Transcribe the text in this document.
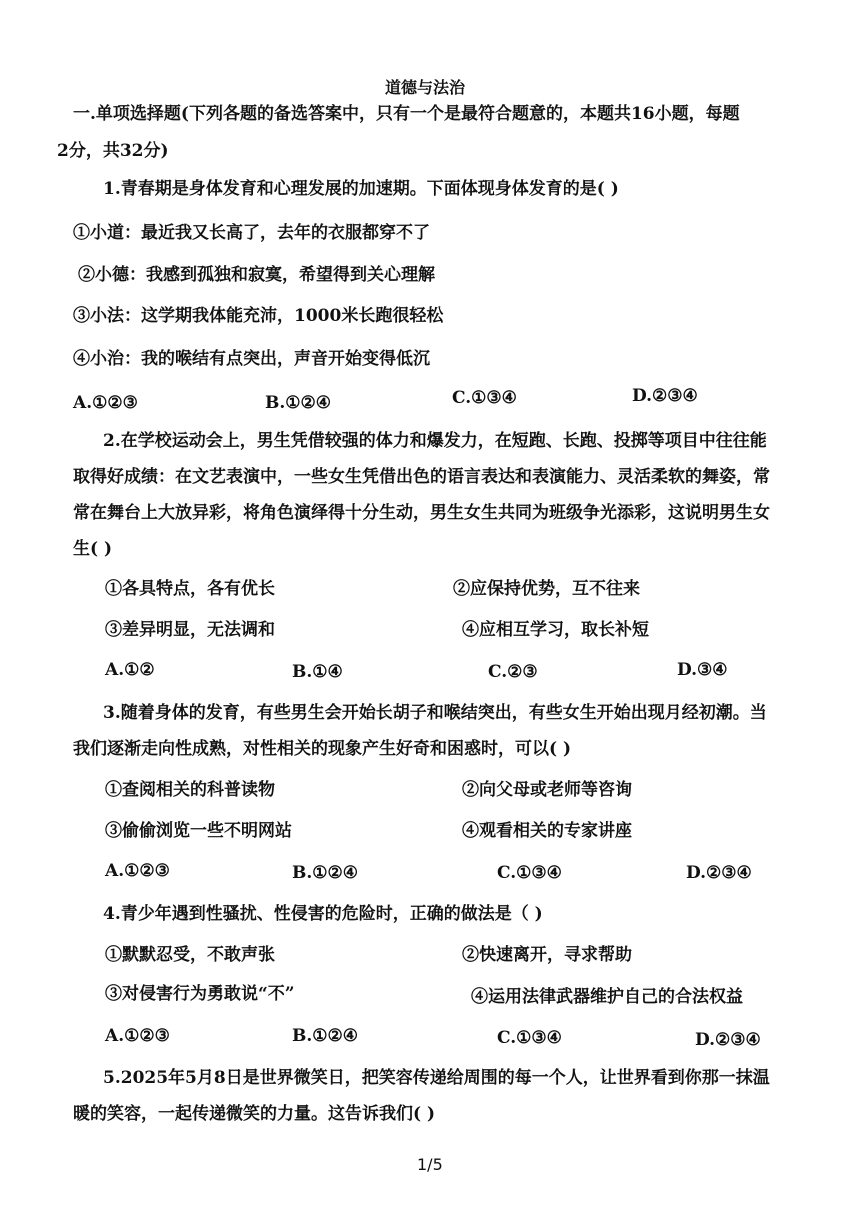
道德与法治
一.单项选择题(下列各题的备选答案中，只有一个是最符合题意的，本题共16小题，每题
2分，共32分)
1.青春期是身体发育和心理发展的加速期。下面体现身体发育的是( )
①小道：最近我又长高了，去年的衣服都穿不了
②小德：我感到孤独和寂寞，希望得到关心理解
③小法：这学期我体能充沛，1000米长跑很轻松
④小治：我的喉结有点突出，声音开始变得低沉
A.①②③	B.①②④	C.①③④	D.②③④
2.在学校运动会上，男生凭借较强的体力和爆发力，在短跑、长跑、投掷等项目中往往能
取得好成绩：在文艺表演中，一些女生凭借出色的语言表达和表演能力、灵活柔软的舞姿，常
常在舞台上大放异彩，将角色演绎得十分生动，男生女生共同为班级争光添彩，这说明男生女
生( )
①各具特点，各有优长	②应保持优势，互不往来
③差异明显，无法调和	④应相互学习，取长补短
A.①②	B.①④	C.②③	D.③④
3.随着身体的发育，有些男生会开始长胡子和喉结突出，有些女生开始出现月经初潮。当
我们逐渐走向性成熟，对性相关的现象产生好奇和困惑时，可以( )
①查阅相关的科普读物	②向父母或老师等咨询
③偷偷浏览一些不明网站	④观看相关的专家讲座
A.①②③	B.①②④	C.①③④	D.②③④
4.青少年遇到性骚扰、性侵害的危险时，正确的做法是（ )
①默默忍受，不敢声张	②快速离开，寻求帮助
③对侵害行为勇敢说“不”	④运用法律武器维护自己的合法权益
A.①②③	B.①②④	C.①③④	D.②③④
5.2025年5月8日是世界微笑日，把笑容传递给周围的每一个人，让世界看到你那一抹温
暖的笑容，一起传递微笑的力量。这告诉我们( )
1/5
